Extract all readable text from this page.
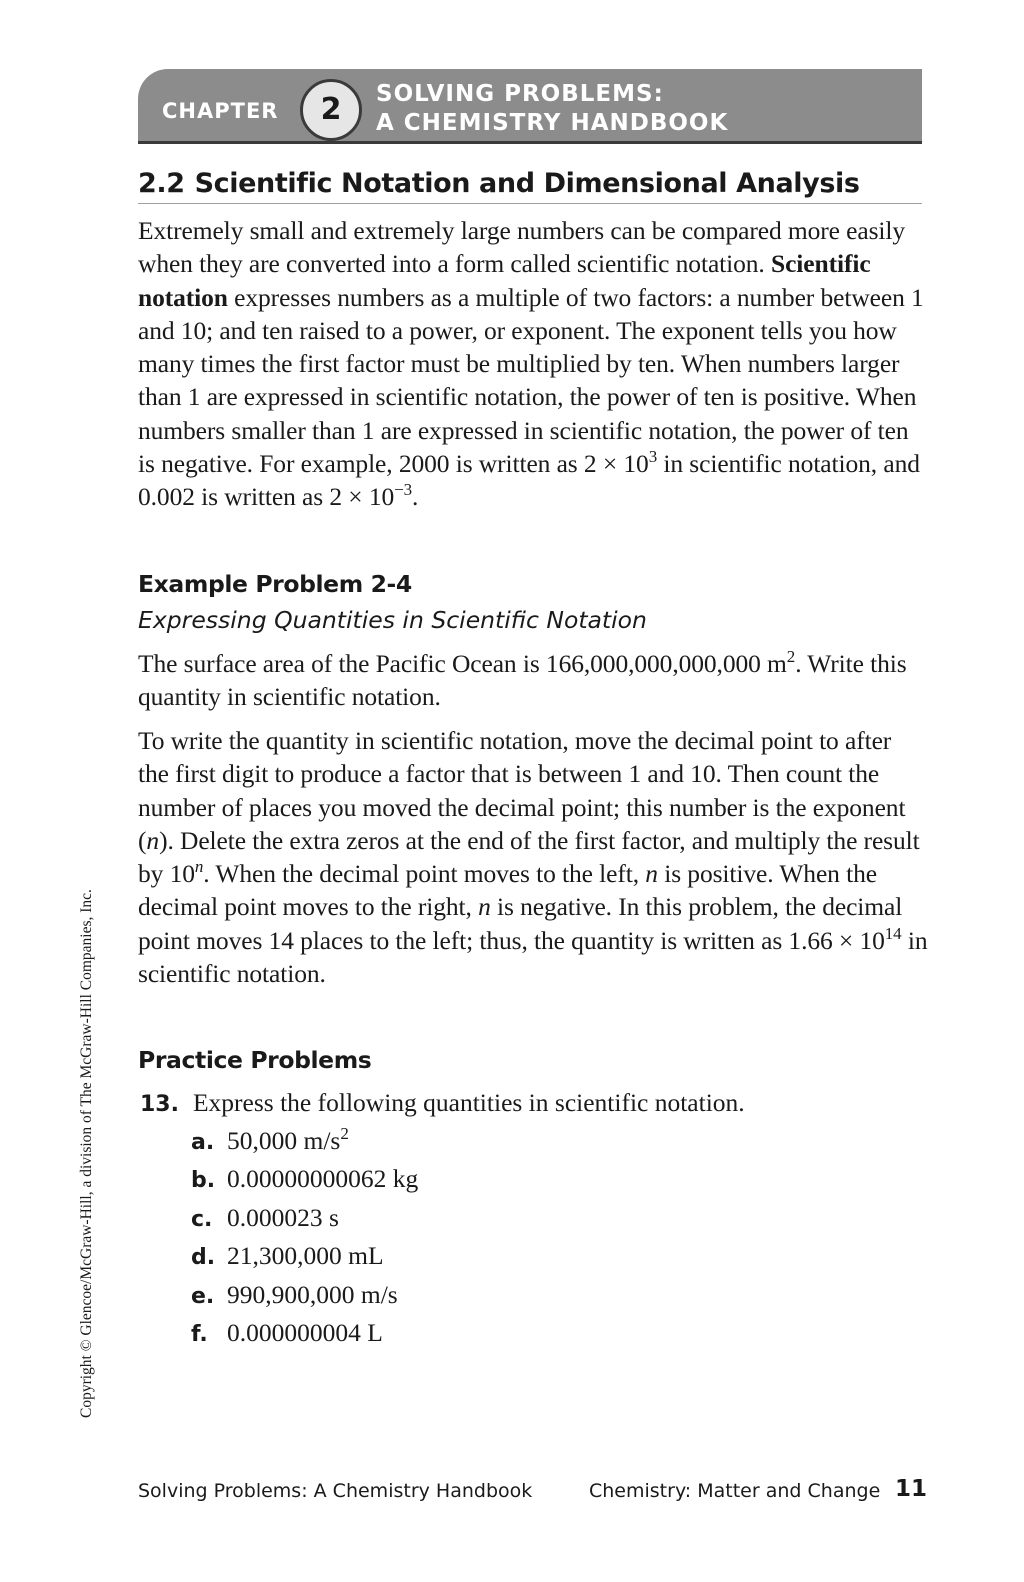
CHAPTER	2	SOLVING PROBLEMS:
A CHEMISTRY HANDBOOK
2.2 Scientific Notation and Dimensional Analysis

Extremely small and extremely large numbers can be compared more easily when they are converted into a form called scientific notation. Scientific notation expresses numbers as a multiple of two factors: a number between 1 and 10; and ten raised to a power, or exponent. The exponent tells you how many times the first factor must be multiplied by ten. When numbers larger than 1 are expressed in scientific notation, the power of ten is positive. When numbers smaller than 1 are expressed in scientific notation, the power of ten is negative. For example, 2000 is written as $2 \times 10^3$ in scientific notation, and 0.002 is written as $2 \times 10^{-3}$.

Example Problem 2-4
Expressing Quantities in Scientific Notation

The surface area of the Pacific Ocean is 166,000,000,000,000 $m^2$. Write this quantity in scientific notation.

To write the quantity in scientific notation, move the decimal point to after the first digit to produce a factor that is between 1 and 10. Then count the number of places you moved the decimal point; this number is the exponent (n). Delete the extra zeros at the end of the first factor, and multiply the result by 10$^n$. When the decimal point moves to the left, n is positive. When the decimal point moves to the right, n is negative. In this problem, the decimal point moves 14 places to the left; thus, the quantity is written as $1.66 \times 10^{14}$ in scientific notation.

Practice Problems
13. Express the following quantities in scientific notation.
a. 50,000 $m/s^2$
b. 0.00000000062 kg
c. 0.000023 s
d. 21,300,000 mL
e. 990,900,000 m/s
f. 0.000000004 L
Copyright © Glencoe/McGraw-Hill, a division of The McGraw-Hill Companies, Inc.
Solving Problems: A Chemistry Handbook	Chemistry: Matter and Change 11
